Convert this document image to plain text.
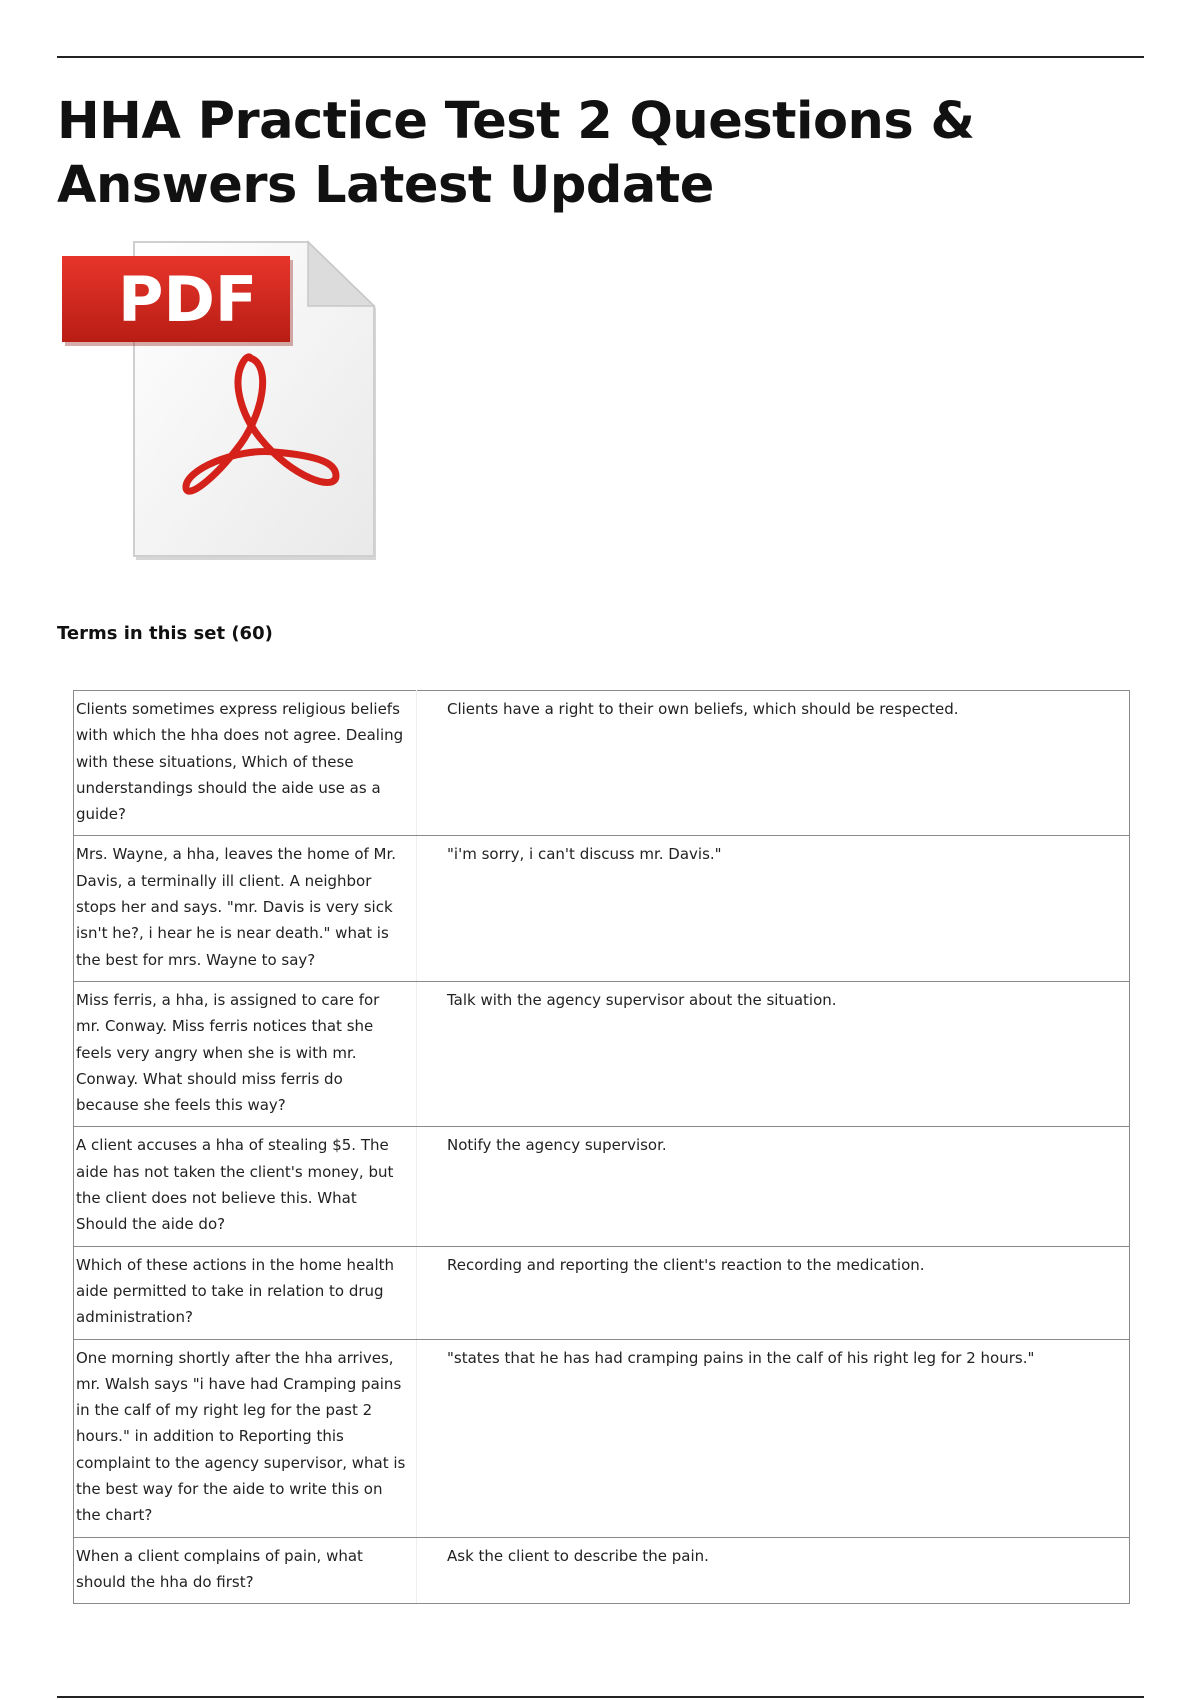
HHA Practice Test 2 Questions & Answers Latest Update
PDF
Terms in this set (60)
Clients sometimes express religious beliefs with which the hha does not agree. Dealing with these situations, Which of these understandings should the aide use as a guide?	Clients have a right to their own beliefs, which should be respected.
Mrs. Wayne, a hha, leaves the home of Mr. Davis, a terminally ill client. A neighbor stops her and says. "mr. Davis is very sick isn't he?, i hear he is near death." what is the best for mrs. Wayne to say?	"i'm sorry, i can't discuss mr. Davis."
Miss ferris, a hha, is assigned to care for mr. Conway. Miss ferris notices that she feels very angry when she is with mr. Conway. What should miss ferris do because she feels this way?	Talk with the agency supervisor about the situation.
A client accuses a hha of stealing $5. The aide has not taken the client's money, but the client does not believe this. What Should the aide do?	Notify the agency supervisor.
Which of these actions in the home health aide permitted to take in relation to drug administration?	Recording and reporting the client's reaction to the medication.
One morning shortly after the hha arrives, mr. Walsh says "i have had Cramping pains in the calf of my right leg for the past 2 hours." in addition to Reporting this complaint to the agency supervisor, what is the best way for the aide to write this on the chart?	"states that he has had cramping pains in the calf of his right leg for 2 hours."
When a client complains of pain, what should the hha do first?	Ask the client to describe the pain.
